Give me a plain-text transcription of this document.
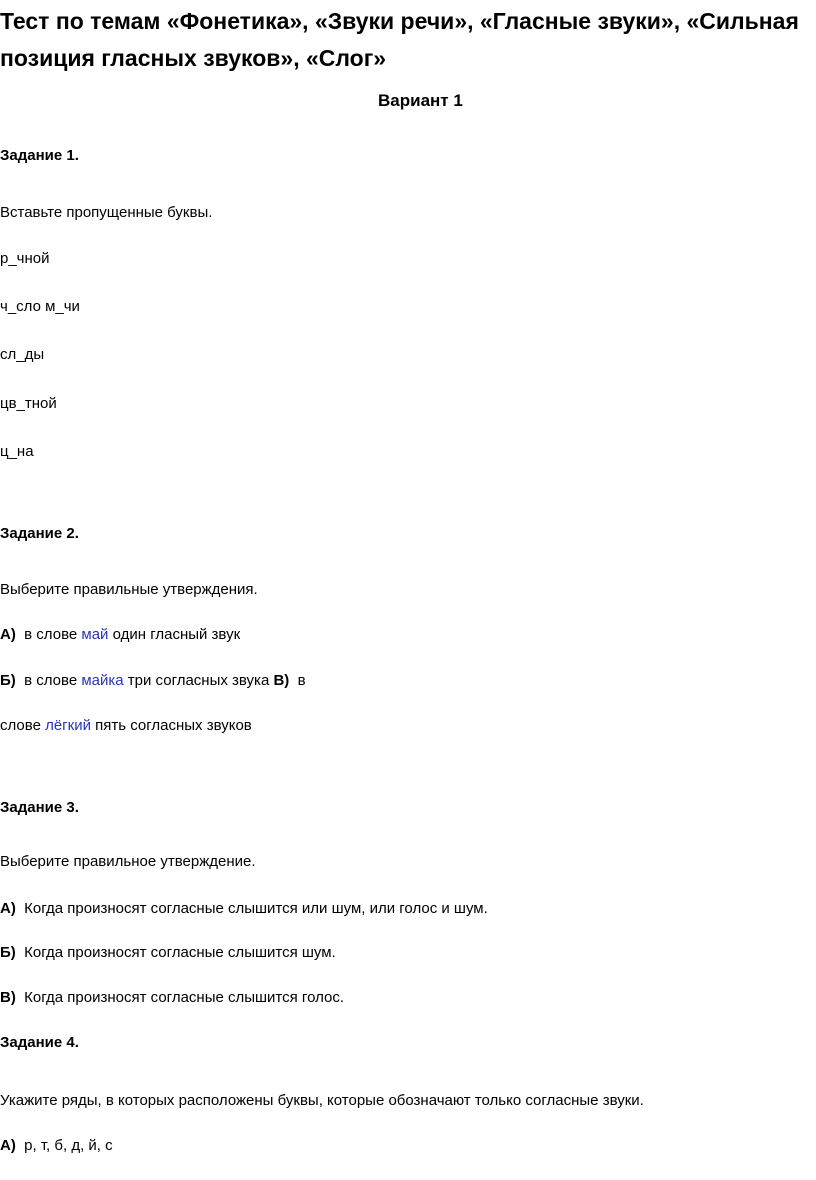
Тест по темам «Фонетика», «Звуки речи», «Гласные звуки», «Сильная позиция гласных звуков», «Слог»
Вариант 1
Задание 1.
Вставьте пропущенные буквы.
р_чной
ч_сло м_чи
сл_ды
цв_тной
ц_на
Задание 2.
Выберите правильные утверждения.
А) в слове май один гласный звук
Б) в слове майка три согласных звука В) в
слове лёгкий пять согласных звуков
Задание 3.
Выберите правильное утверждение.
А) Когда произносят согласные слышится или шум, или голос и шум.
Б) Когда произносят согласные слышится шум.
В) Когда произносят согласные слышится голос.
Задание 4.
Укажите ряды, в которых расположены буквы, которые обозначают только согласные звуки.
А) р, т, б, д, й, с
